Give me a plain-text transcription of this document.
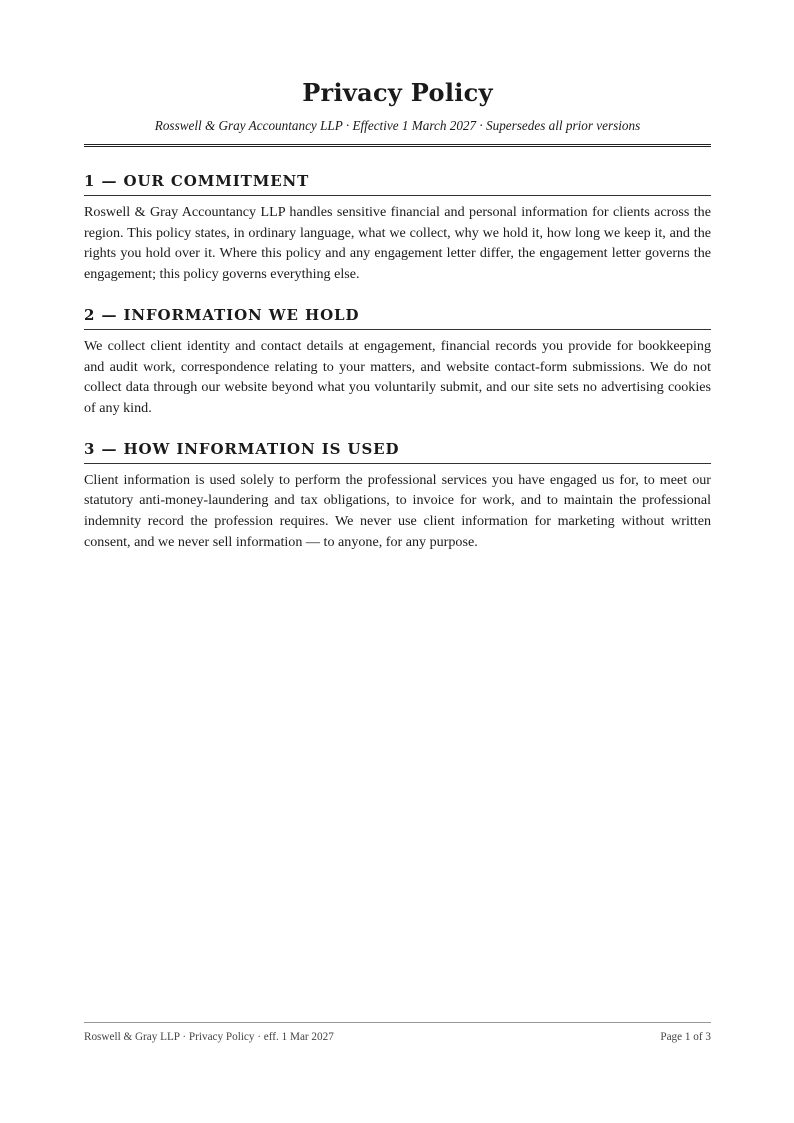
Privacy Policy
Rosswell & Gray Accountancy LLP · Effective 1 March 2027 · Supersedes all prior versions
1 — OUR COMMITMENT

Roswell & Gray Accountancy LLP handles sensitive financial and personal information for clients across the region. This policy states, in ordinary language, what we collect, why we hold it, how long we keep it, and the rights you hold over it. Where this policy and any engagement letter differ, the engagement letter governs the engagement; this policy governs everything else.

2 — INFORMATION WE HOLD

We collect client identity and contact details at engagement, financial records you provide for bookkeeping and audit work, correspondence relating to your matters, and website contact-form submissions. We do not collect data through our website beyond what you voluntarily submit, and our site sets no advertising cookies of any kind.

3 — HOW INFORMATION IS USED

Client information is used solely to perform the professional services you have engaged us for, to meet our statutory anti-money-laundering and tax obligations, to invoice for work, and to maintain the professional indemnity record the profession requires. We never use client information for marketing without written consent, and we never sell information — to anyone, for any purpose.

Roswell & Gray LLP · Privacy Policy · eff. 1 Mar 2027	Page 1 of 3
